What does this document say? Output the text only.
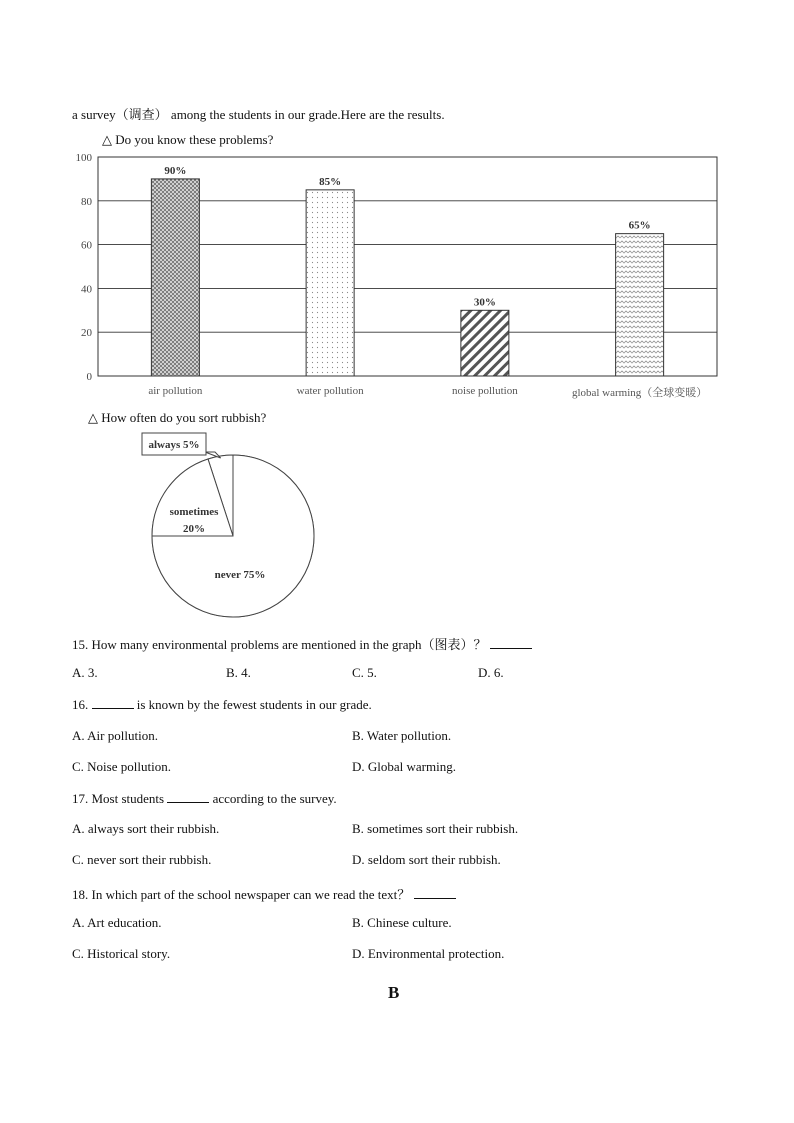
a survey（调查） among the students in our grade.Here are the results.
△ Do you know these problems?
0
20
40
60
80
100
90%
air pollution
85%
water pollution
30%
noise pollution
65%
global warming（全球变暖）
△ How often do you sort rubbish?
always 5%
sometimes
20%
never 75%
15. How many environmental problems are mentioned in the graph（图表）？
A. 3.	B. 4.	C. 5.	D. 6.
16.	is known by the fewest students in our grade.
A. Air pollution.	B. Water pollution.
C. Noise pollution.	D. Global warming.
17. Most students	according to the survey.
A. always sort their rubbish.	B. sometimes sort their rubbish.
C. never sort their rubbish.	D. seldom sort their rubbish.
18. In which part of the school newspaper can we read the text？
A. Art education.	B. Chinese culture.
C. Historical story.	D. Environmental protection.
B
